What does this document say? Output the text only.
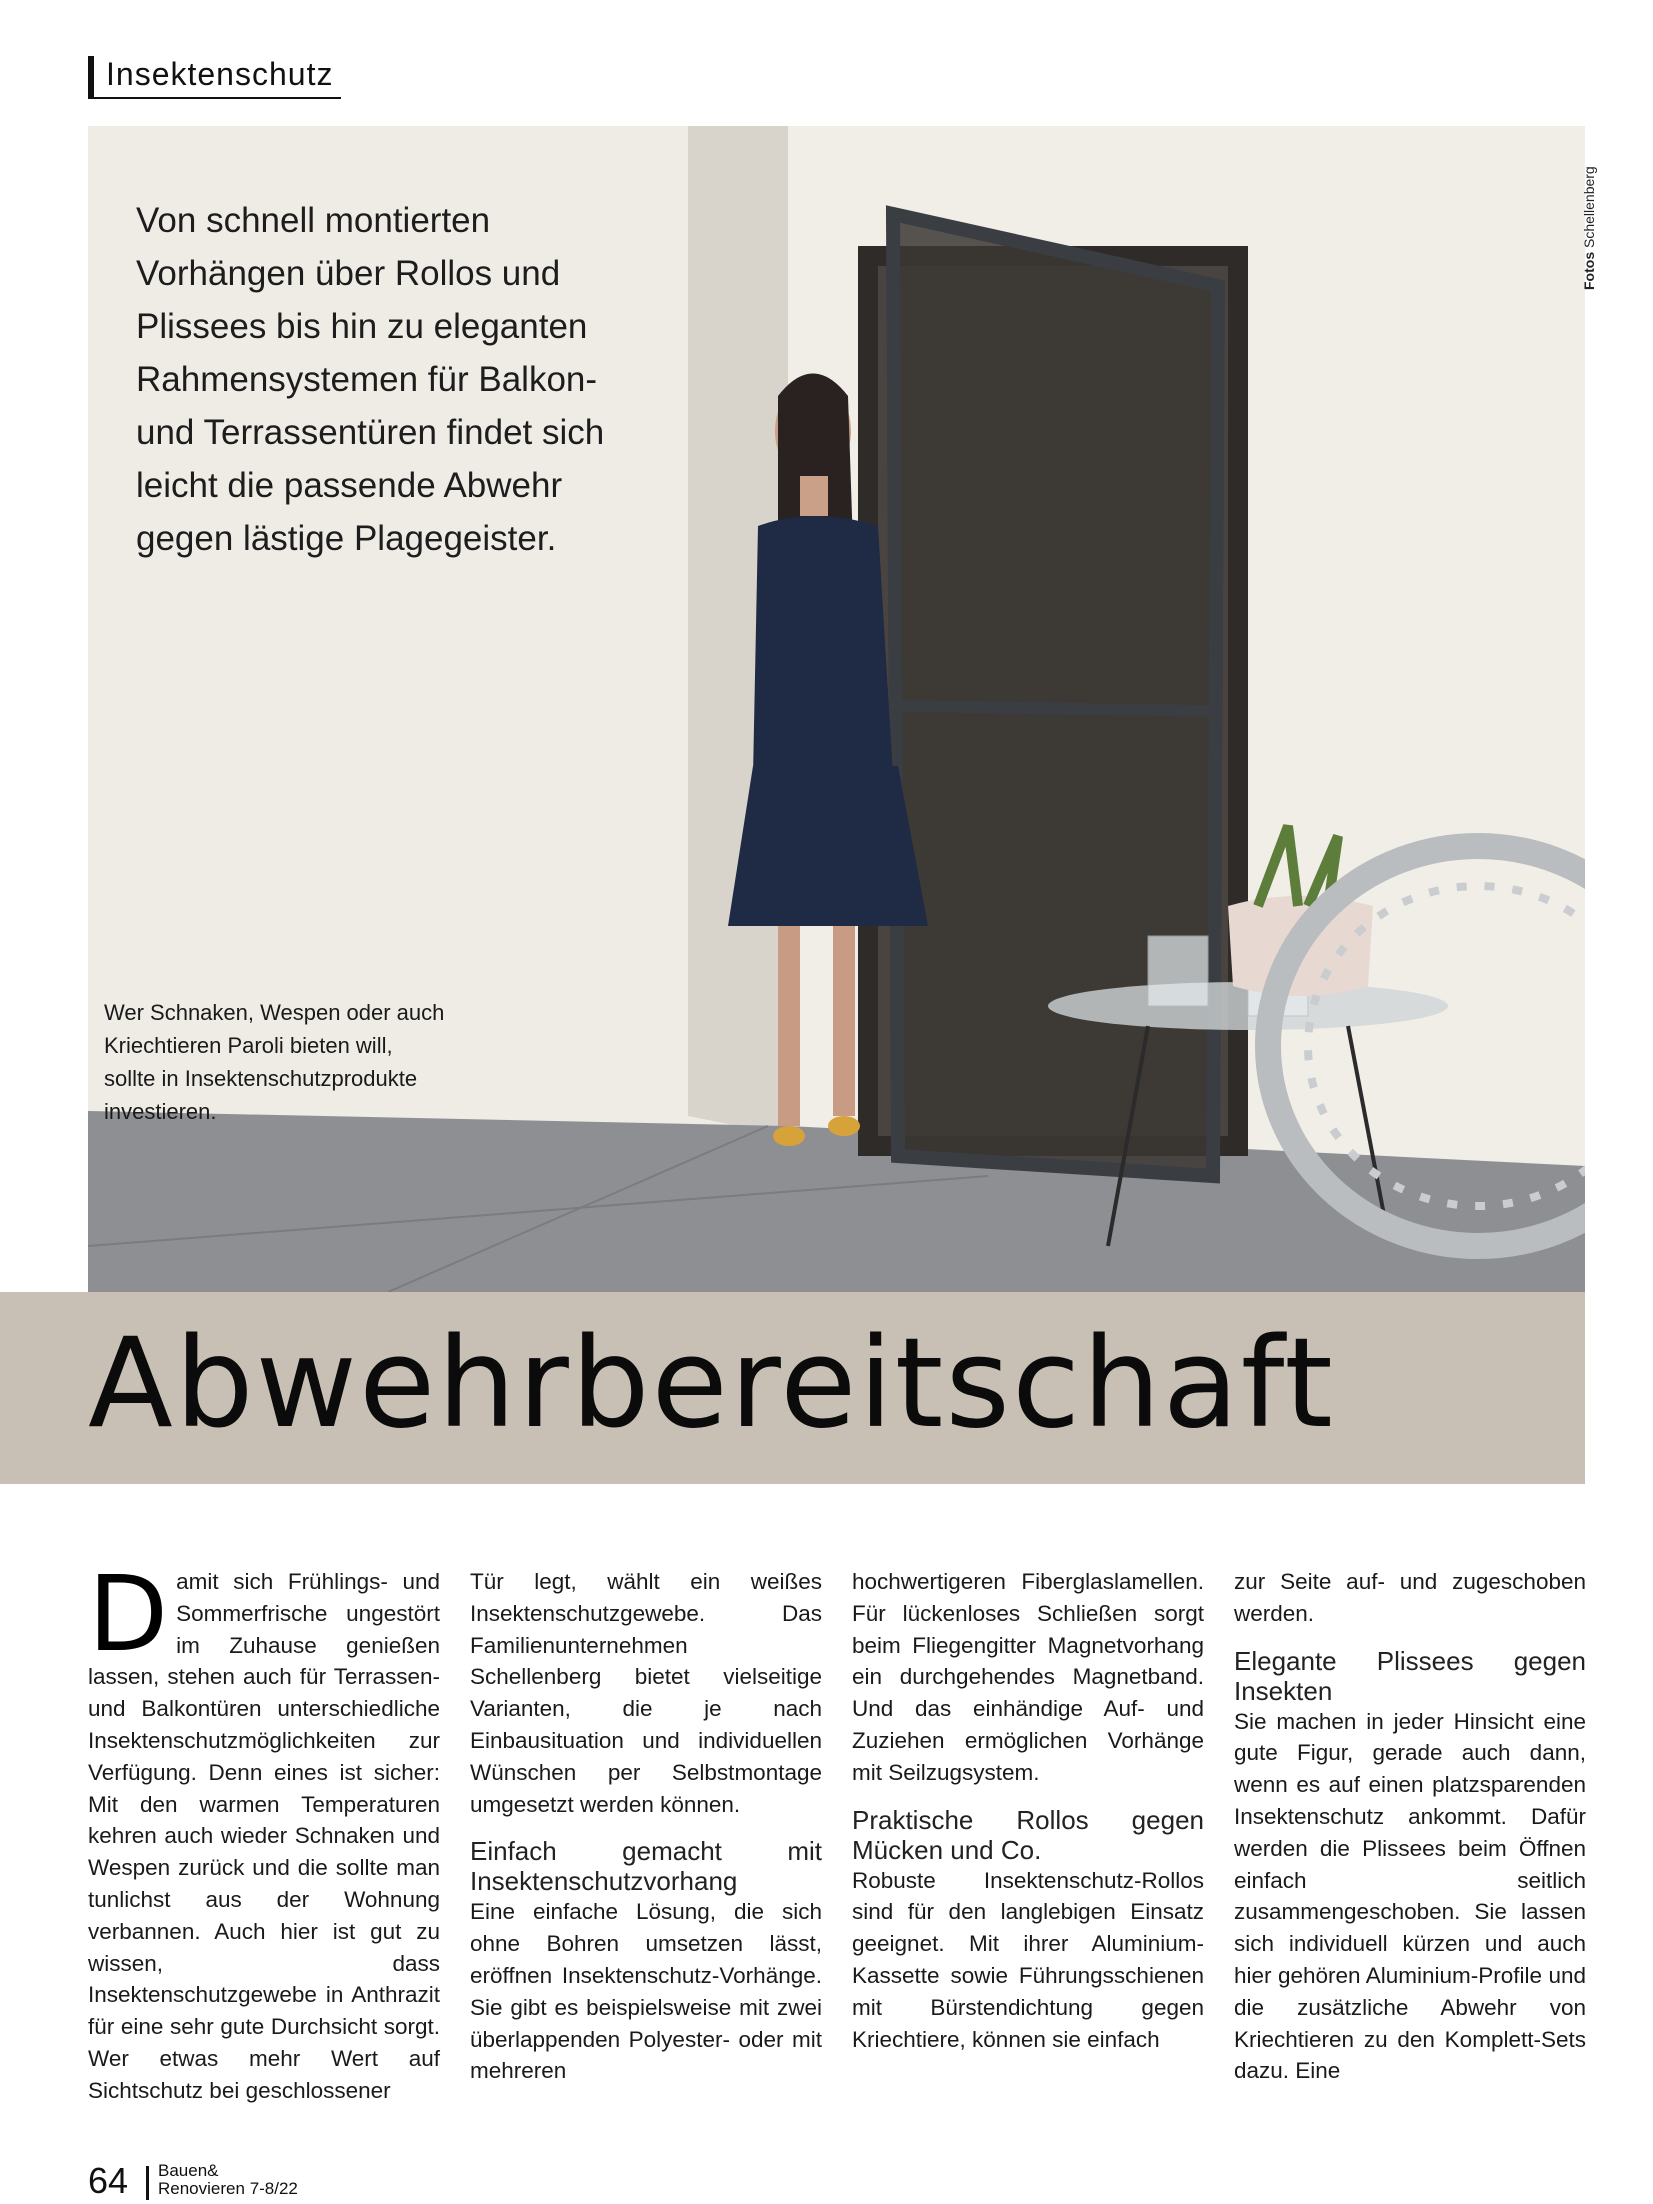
Insektenschutz
Von schnell montierten
Vorhängen über Rollos und
Plissees bis hin zu eleganten
Rahmensystemen für Balkon-
und Terrassentüren findet sich
leicht die passende Abwehr
gegen lästige Plagegeister.
Wer Schnaken, Wespen oder auch
Kriechtieren Paroli bieten will,
sollte in Insektenschutzprodukte
investieren.
Fotos Schellenberg
Abwehrbereitschaft
D amit sich Frühlings- und Sommerfrische ungestört im Zuhause genießen lassen, stehen auch für Terrassen- und Balkontüren unterschiedliche Insektenschutzmöglichkeiten zur Verfügung. Denn eines ist sicher: Mit den warmen Temperaturen kehren auch wieder Schnaken und Wespen zurück und die sollte man tunlichst aus der Wohnung verbannen. Auch hier ist gut zu wissen, dass Insektenschutzgewebe in Anthrazit für eine sehr gute Durchsicht sorgt. Wer etwas mehr Wert auf Sichtschutz bei geschlossener

Tür legt, wählt ein weißes Insektenschutzgewebe. Das Familienunternehmen Schellenberg bietet vielseitige Varianten, die je nach Einbausituation und individuellen Wünschen per Selbstmontage umgesetzt werden können.

Einfach gemacht mit Insektenschutzvorhang

Eine einfache Lösung, die sich ohne Bohren umsetzen lässt, eröffnen Insektenschutz-Vorhänge. Sie gibt es beispielsweise mit zwei überlappenden Polyester- oder mit mehreren

hochwertigeren Fiberglaslamellen. Für lückenloses Schließen sorgt beim Fliegengitter Magnetvorhang ein durchgehendes Magnetband. Und das einhändige Auf- und Zuziehen ermöglichen Vorhänge mit Seilzugsystem.

Praktische Rollos gegen Mücken und Co.

Robuste Insektenschutz-Rollos sind für den langlebigen Einsatz geeignet. Mit ihrer Aluminium-Kassette sowie Führungsschienen mit Bürstendichtung gegen Kriechtiere, können sie einfach

zur Seite auf- und zugeschoben werden.

Elegante Plissees gegen Insekten

Sie machen in jeder Hinsicht eine gute Figur, gerade auch dann, wenn es auf einen platzsparenden Insektenschutz ankommt. Dafür werden die Plissees beim Öffnen einfach seitlich zusammengeschoben. Sie lassen sich individuell kürzen und auch hier gehören Aluminium-Profile und die zusätzliche Abwehr von Kriechtieren zu den Komplett-Sets dazu. Eine

64 Bauen&
Renovieren 7-8/22
